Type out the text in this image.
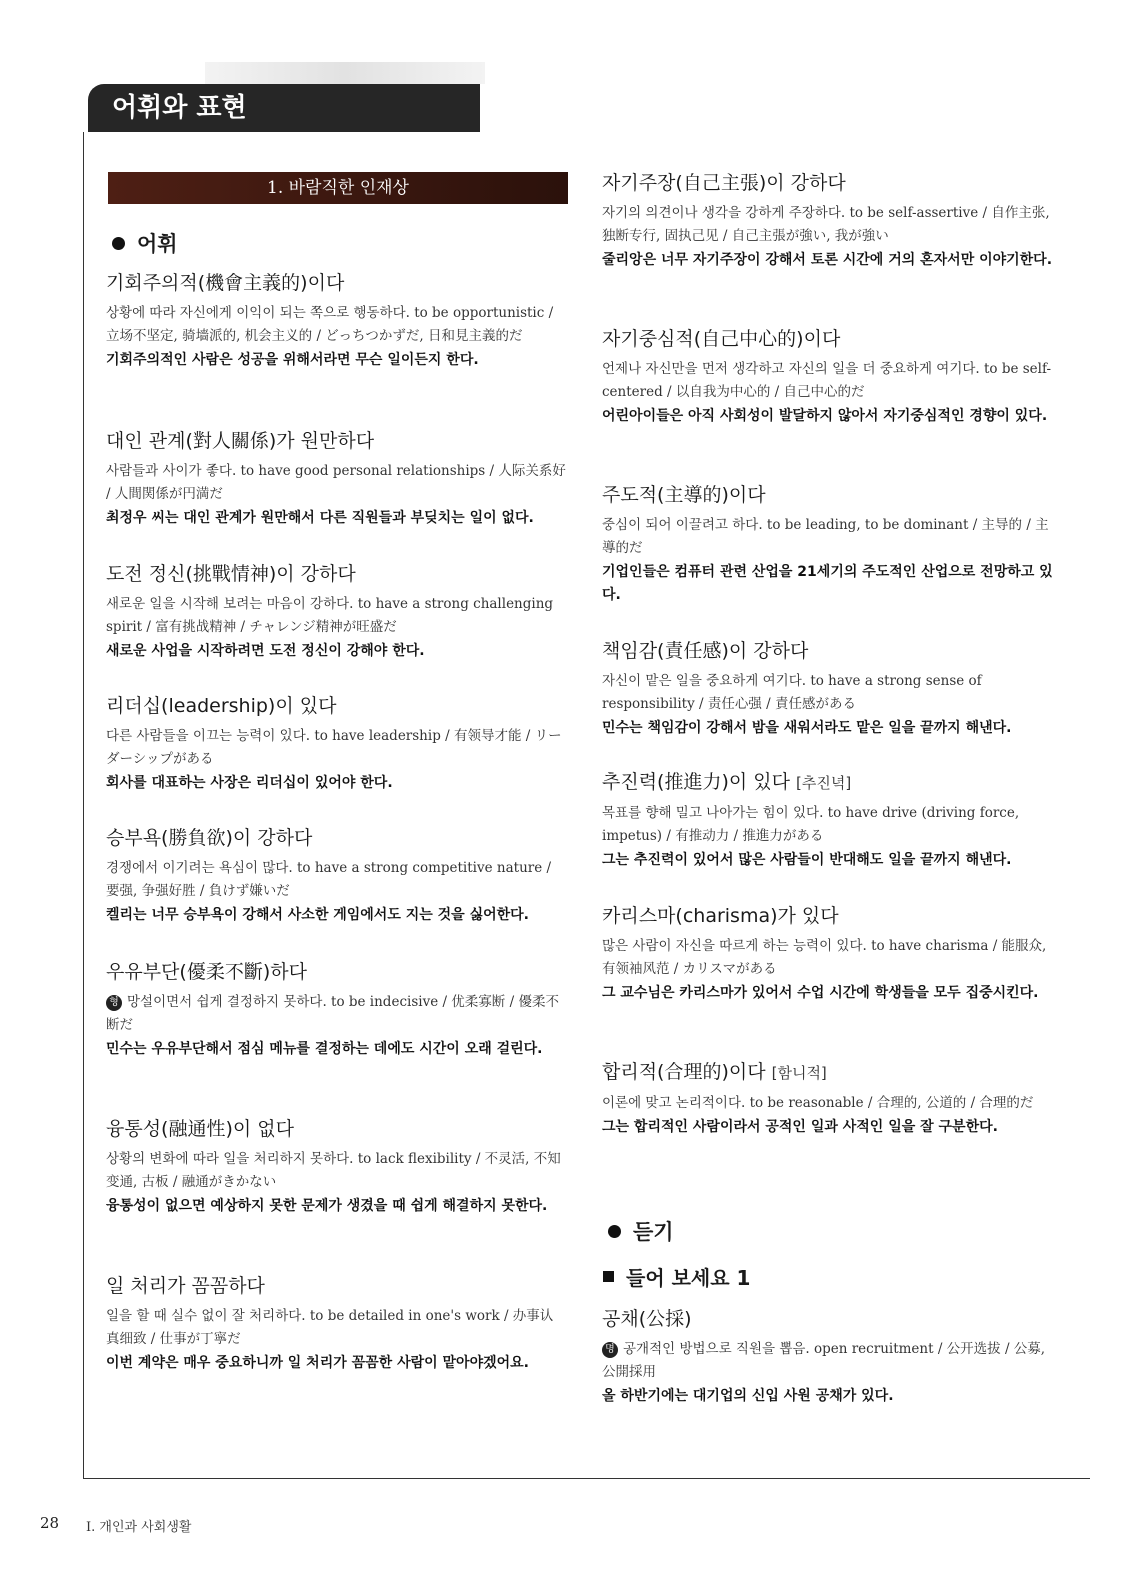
어휘와 표현
1. 바람직한 인재상
어휘
기회주의적(機會主義的)이다
상황에 따라 자신에게 이익이 되는 쪽으로 행동하다. to be opportunistic / 立场不坚定, 骑墙派的, 机会主义的 / どっちつかずだ, 日和見主義的だ
기회주의적인 사람은 성공을 위해서라면 무슨 일이든지 한다.
대인 관계(對人關係)가 원만하다
사람들과 사이가 좋다. to have good personal relationships / 人际关系好 / 人間関係が円満だ
최정우 씨는 대인 관계가 원만해서 다른 직원들과 부딪치는 일이 없다.
도전 정신(挑戰情神)이 강하다
새로운 일을 시작해 보려는 마음이 강하다. to have a strong challenging spirit / 富有挑战精神 / チャレンジ精神が旺盛だ
새로운 사업을 시작하려면 도전 정신이 강해야 한다.
리더십(leadership)이 있다
다른 사람들을 이끄는 능력이 있다. to have leadership / 有领导才能 / リーダーシップがある
회사를 대표하는 사장은 리더십이 있어야 한다.
승부욕(勝負欲)이 강하다
경쟁에서 이기려는 욕심이 많다. to have a strong competitive nature / 要强, 争强好胜 / 負けず嫌いだ
켈리는 너무 승부욕이 강해서 사소한 게임에서도 지는 것을 싫어한다.
우유부단(優柔不斷)하다
형 망설이면서 쉽게 결정하지 못하다. to be indecisive / 优柔寡断 / 優柔不断だ
민수는 우유부단해서 점심 메뉴를 결정하는 데에도 시간이 오래 걸린다.
융통성(融通性)이 없다
상황의 변화에 따라 일을 처리하지 못하다. to lack flexibility / 不灵活, 不知变通, 古板 / 融通がきかない
융통성이 없으면 예상하지 못한 문제가 생겼을 때 쉽게 해결하지 못한다.
일 처리가 꼼꼼하다
일을 할 때 실수 없이 잘 처리하다. to be detailed in one's work / 办事认真细致 / 仕事が丁寧だ
이번 계약은 매우 중요하니까 일 처리가 꼼꼼한 사람이 맡아야겠어요.
자기주장(自己主張)이 강하다
자기의 의견이나 생각을 강하게 주장하다. to be self-assertive / 自作主张, 独断专行, 固执己见 / 自己主張が強い, 我が強い
줄리앙은 너무 자기주장이 강해서 토론 시간에 거의 혼자서만 이야기한다.
자기중심적(自己中心的)이다
언제나 자신만을 먼저 생각하고 자신의 일을 더 중요하게 여기다. to be self-centered / 以自我为中心的 / 自己中心的だ
어린아이들은 아직 사회성이 발달하지 않아서 자기중심적인 경향이 있다.
주도적(主導的)이다
중심이 되어 이끌려고 하다. to be leading, to be dominant / 主导的 / 主導的だ
기업인들은 컴퓨터 관련 산업을 21세기의 주도적인 산업으로 전망하고 있다.
책임감(責任感)이 강하다
자신이 맡은 일을 중요하게 여기다. to have a strong sense of responsibility / 责任心强 / 責任感がある
민수는 책임감이 강해서 밤을 새워서라도 맡은 일을 끝까지 해낸다.
추진력(推進力)이 있다 [추진녁]
목표를 향해 밀고 나아가는 힘이 있다. to have drive (driving force, impetus) / 有推动力 / 推進力がある
그는 추진력이 있어서 많은 사람들이 반대해도 일을 끝까지 해낸다.
카리스마(charisma)가 있다
많은 사람이 자신을 따르게 하는 능력이 있다. to have charisma / 能服众, 有领袖风范 / カリスマがある
그 교수님은 카리스마가 있어서 수업 시간에 학생들을 모두 집중시킨다.
합리적(合理的)이다 [함니적]
이론에 맞고 논리적이다. to be reasonable / 合理的, 公道的 / 合理的だ
그는 합리적인 사람이라서 공적인 일과 사적인 일을 잘 구분한다.
듣기
들어 보세요 1
공채(公採)
명 공개적인 방법으로 직원을 뽑음. open recruitment / 公开选拔 / 公募, 公開採用
올 하반기에는 대기업의 신입 사원 공채가 있다.
28 Ⅰ. 개인과 사회생활
